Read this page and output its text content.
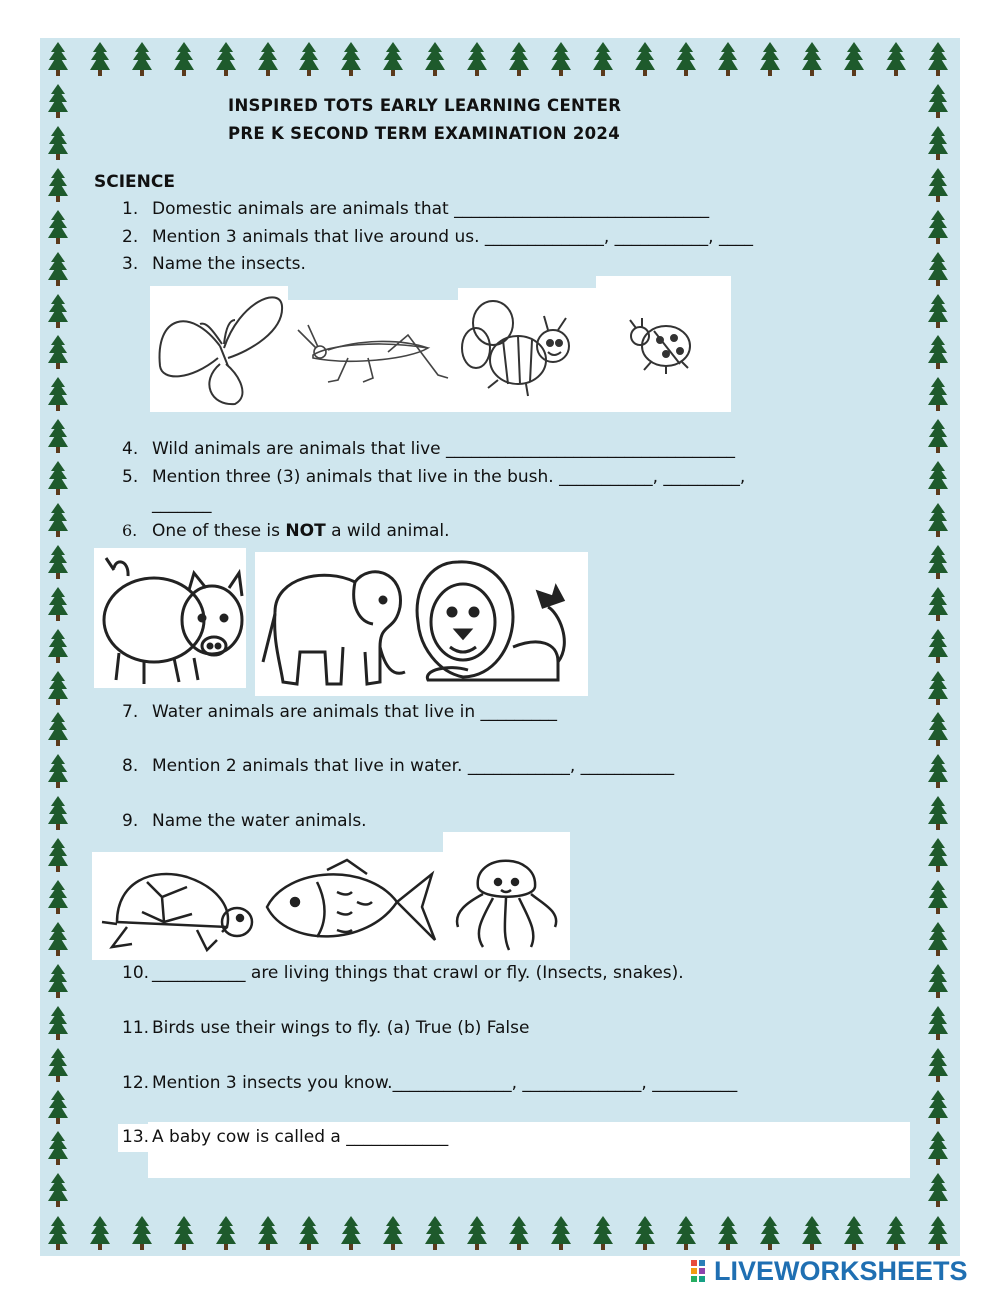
INSPIRED TOTS EARLY LEARNING CENTER
PRE K SECOND TERM EXAMINATION 2024
SCIENCE
1. Domestic animals are animals that ______________________________
2. Mention 3 animals that live around us. ______________, ___________, ____
3. Name the insects.
4. Wild animals are animals that live __________________________________
5. Mention three (3) animals that live in the bush. ___________, _________,
_______
6. One of these is NOT a wild animal.
7. Water animals are animals that live in _________
8. Mention 2 animals that live in water. ____________, ___________
9. Name the water animals.
10. ___________ are living things that crawl or fly. (Insects, snakes).
11. Birds use their wings to fly. (a) True (b) False
12. Mention 3 insects you know.______________, ______________, __________
13. A baby cow is called a ____________
LIVEWORKSHEETS
